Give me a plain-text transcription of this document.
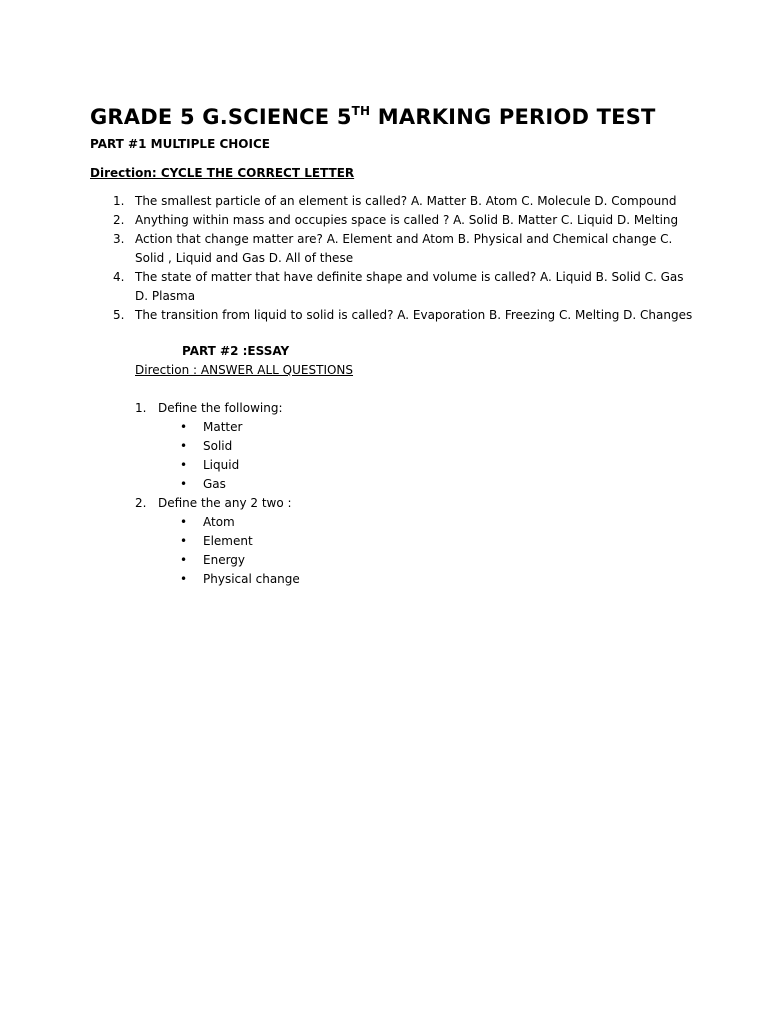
GRADE 5 G.SCIENCE 5TH MARKING PERIOD TEST
PART #1 MULTIPLE CHOICE
Direction: CYCLE THE CORRECT LETTER
1. The smallest particle of an element is called? A. Matter B. Atom C. Molecule D. Compound
2. Anything within mass and occupies space is called ? A. Solid B. Matter C. Liquid D. Melting
3. Action that change matter are? A. Element and Atom B. Physical and Chemical change C. Solid , Liquid and Gas D. All of these
4. The state of matter that have definite shape and volume is called? A. Liquid B. Solid C. Gas D. Plasma
5. The transition from liquid to solid is called? A. Evaporation B. Freezing C. Melting D. Changes
PART #2 :ESSAY
Direction : ANSWER ALL QUESTIONS
1. Define the following:
• Matter
• Solid
• Liquid
• Gas
2. Define the any 2 two :
• Atom
• Element
• Energy
• Physical change
